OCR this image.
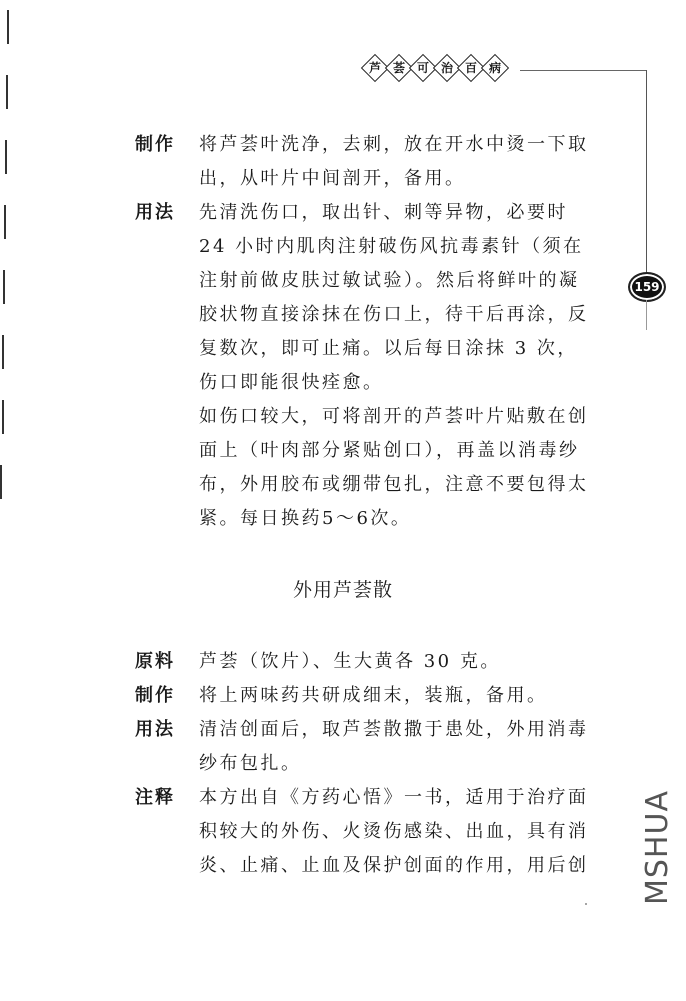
芦 荟 可 治 百 病
159
制作	将芦荟叶洗净，去刺，放在开水中烫一下取出，从叶片中间剖开，备用。
用法	先清洗伤口，取出针、刺等异物，必要时 24 小时内肌肉注射破伤风抗毒素针（须在注射前做皮肤过敏试验）。然后将鲜叶的凝胶状物直接涂抹在伤口上，待干后再涂，反复数次，即可止痛。以后每日涂抹 3 次，伤口即能很快痊愈。
如伤口较大，可将剖开的芦荟叶片贴敷在创面上（叶肉部分紧贴创口），再盖以消毒纱布，外用胶布或绷带包扎，注意不要包得太紧。每日换药5～6次。
外用芦荟散
原料	芦荟（饮片）、生大黄各 30 克。
制作	将上两味药共研成细末，装瓶，备用。
用法	清洁创面后，取芦荟散撒于患处，外用消毒纱布包扎。
注释	本方出自《方药心悟》一书，适用于治疗面积较大的外伤、火烫伤感染、出血，具有消炎、止痛、止血及保护创面的作用，用后创 MSHUA
